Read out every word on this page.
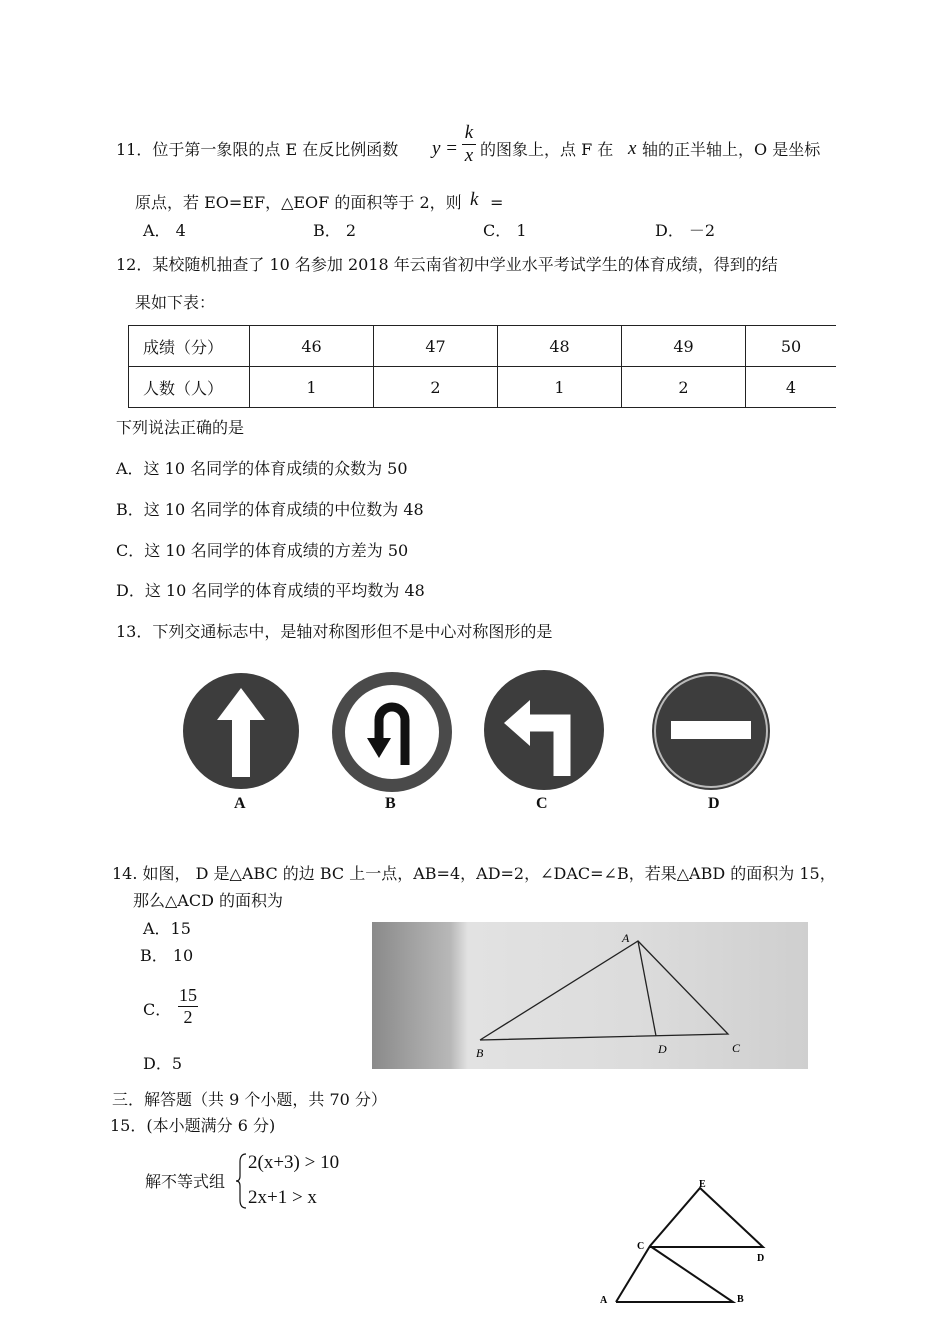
11．位于第一象限的点 E 在反比例函数 y =
k
x 的图象上，点 F 在 x 轴的正半轴上，O 是坐标
原点，若 EO=EF，△EOF 的面积等于 2，则 k =
A． 4	B． 2	C． 1	D． －2
12．某校随机抽查了 10 名参加 2018 年云南省初中学业水平考试学生的体育成绩，得到的结
果如下表：
成绩（分）	46	47	48	49	50
人数（人）	1	2	1	2	4
下列说法正确的是
A．这 10 名同学的体育成绩的众数为 50
B．这 10 名同学的体育成绩的中位数为 48
C．这 10 名同学的体育成绩的方差为 50
D．这 10 名同学的体育成绩的平均数为 48
13．下列交通标志中，是轴对称图形但不是中心对称图形的是
A	B	C	D
14. 如图， D 是△ABC 的边 BC 上一点，AB=4，AD=2，∠DAC=∠B，若果△ABD 的面积为 15，
那么△ACD 的面积为
A．15
B． 10
C．
15
2
D．5
A
B	D	C
三．解答题（共 9 个小题，共 70 分）
15．(本小题满分 6 分)
解不等式组
2(x+3) > 10
2x+1 > x
E
C
D
A	B
